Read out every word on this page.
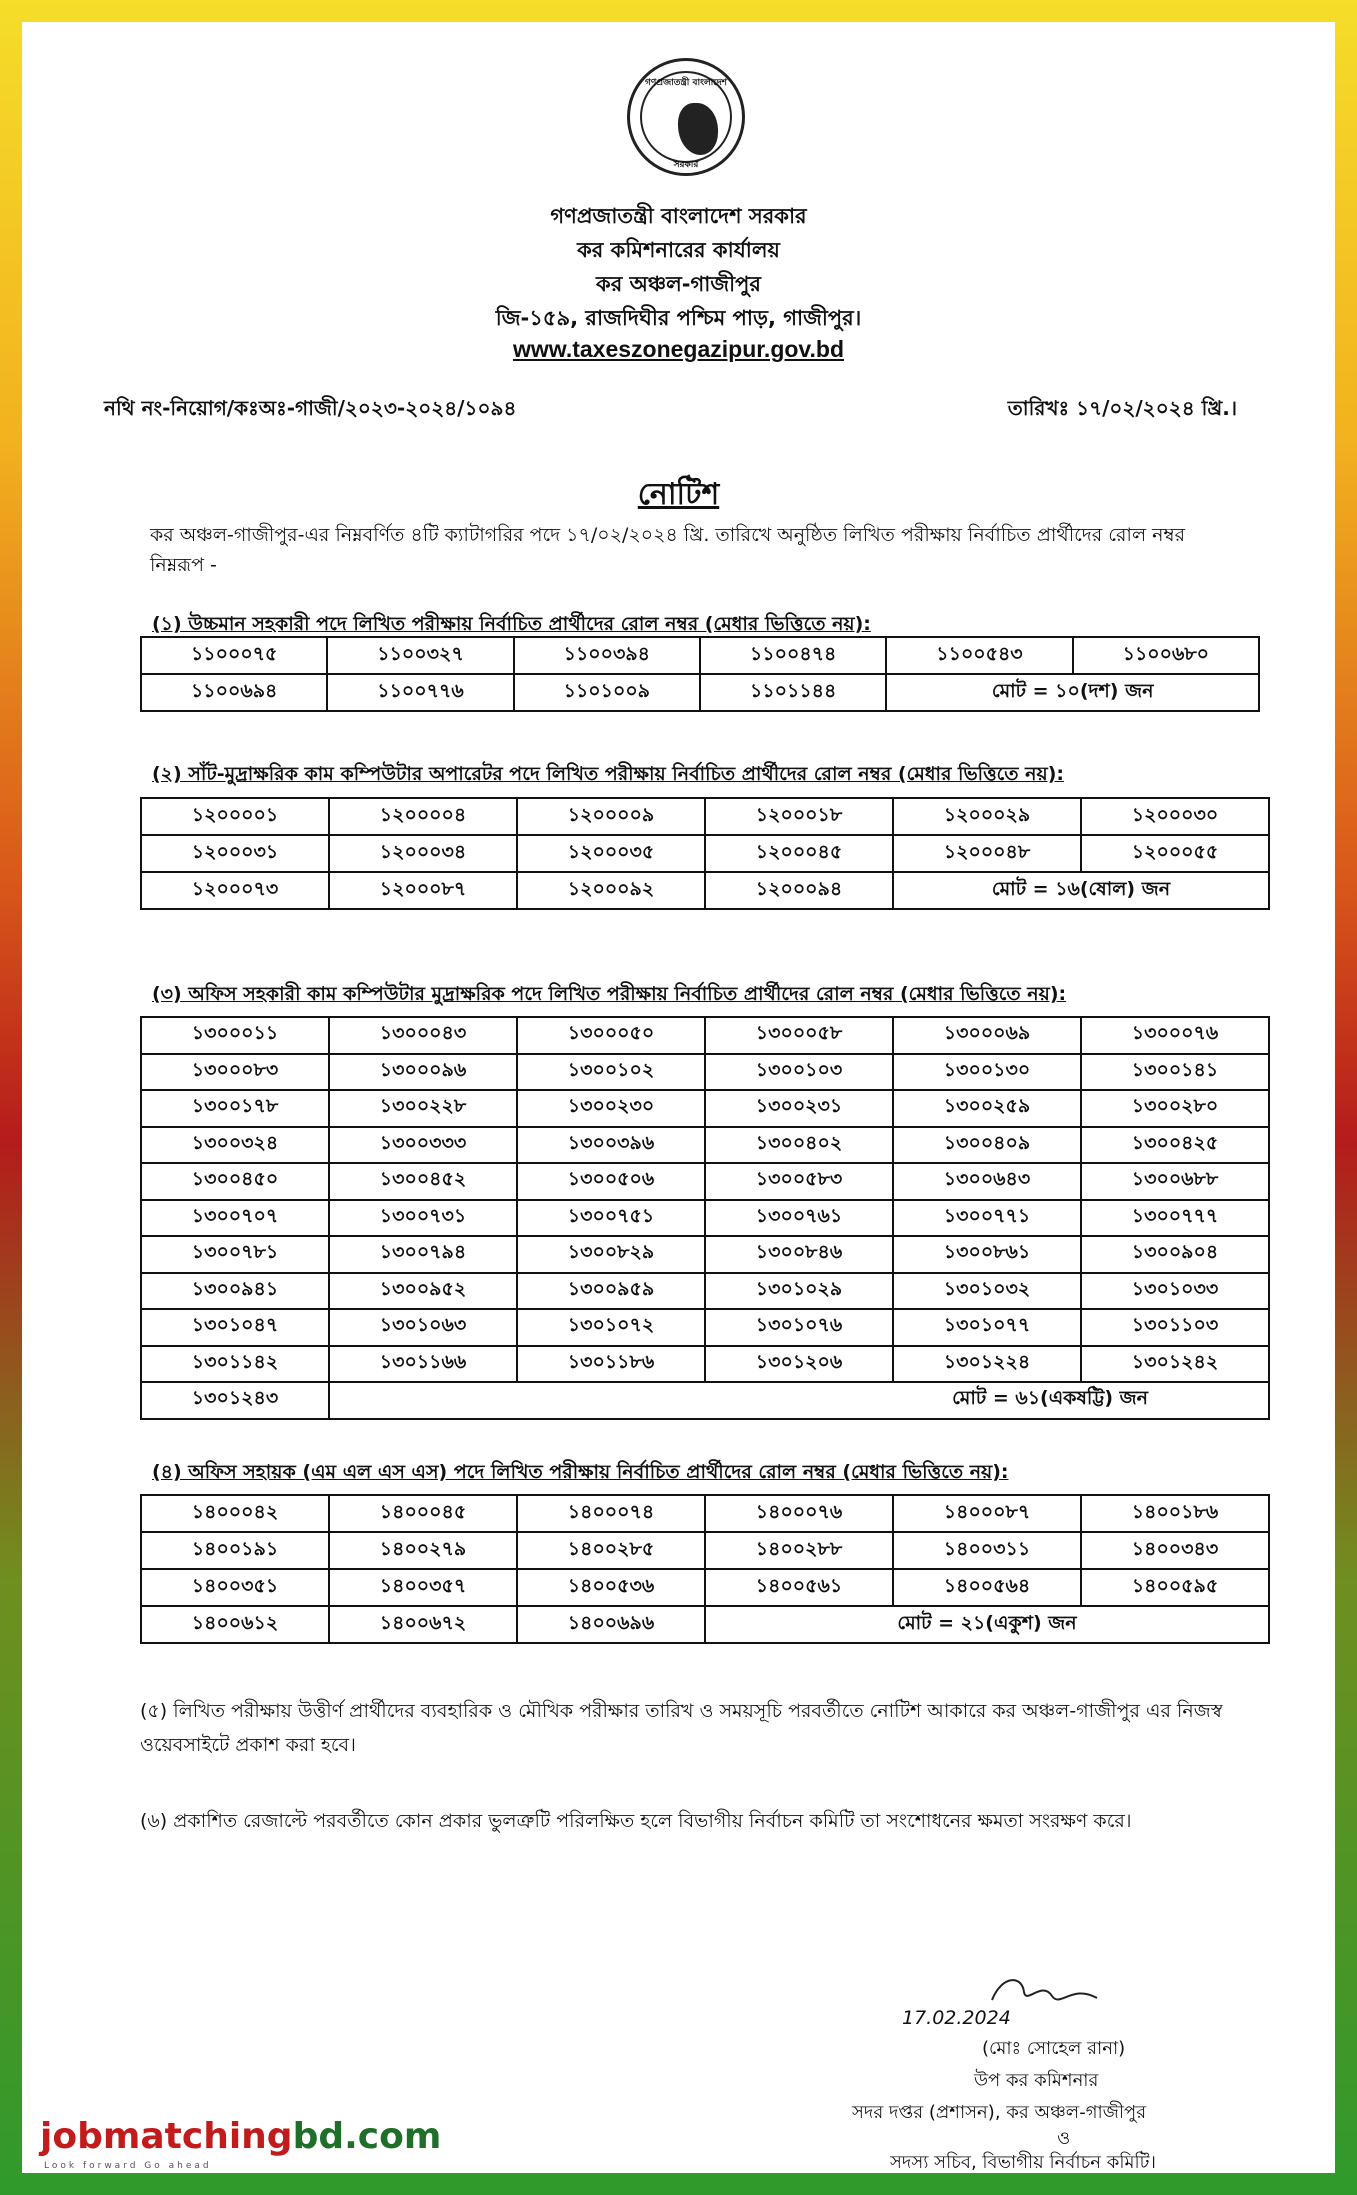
গণপ্রজাতন্ত্রী বাংলাদেশ
সরকার
গণপ্রজাতন্ত্রী বাংলাদেশ সরকার
কর কমিশনারের কার্যালয়
কর অঞ্চল-গাজীপুর
জি-১৫৯, রাজদিঘীর পশ্চিম পাড়, গাজীপুর।
www.taxeszonegazipur.gov.bd
নথি নং-নিয়োগ/কঃঅঃ-গাজী/২০২৩-২০২৪/১০৯৪	তারিখঃ ১৭/০২/২০২৪ খ্রি.।
নোটিশ
কর অঞ্চল-গাজীপুর-এর নিম্নবর্ণিত ৪টি ক্যাটাগরির পদে ১৭/০২/২০২৪ খ্রি. তারিখে অনুষ্ঠিত লিখিত পরীক্ষায় নির্বাচিত প্রার্থীদের রোল নম্বর নিম্নরূপ -
(১) উচ্চমান সহকারী পদে লিখিত পরীক্ষায় নির্বাচিত প্রার্থীদের রোল নম্বর (মেধার ভিত্তিতে নয়):
১১০০০৭৫	১১০০৩২৭	১১০০৩৯৪	১১০০৪৭৪	১১০০৫৪৩	১১০০৬৮০
১১০০৬৯৪	১১০০৭৭৬	১১০১০০৯	১১০১১৪৪	মোট = ১০(দশ) জন	
(২) সাঁট-মুদ্রাক্ষরিক কাম কম্পিউটার অপারেটর পদে লিখিত পরীক্ষায় নির্বাচিত প্রার্থীদের রোল নম্বর (মেধার ভিত্তিতে নয়):
১২০০০০১	১২০০০০৪	১২০০০০৯	১২০০০১৮	১২০০০২৯	১২০০০৩০
১২০০০৩১	১২০০০৩৪	১২০০০৩৫	১২০০০৪৫	১২০০০৪৮	১২০০০৫৫
১২০০০৭৩	১২০০০৮৭	১২০০০৯২	১২০০০৯৪	মোট = ১৬(ষোল) জন	
(৩) অফিস সহকারী কাম কম্পিউটার মুদ্রাক্ষরিক পদে লিখিত পরীক্ষায় নির্বাচিত প্রার্থীদের রোল নম্বর (মেধার ভিত্তিতে নয়):
১৩০০০১১	১৩০০০৪৩	১৩০০০৫০	১৩০০০৫৮	১৩০০০৬৯	১৩০০০৭৬
১৩০০০৮৩	১৩০০০৯৬	১৩০০১০২	১৩০০১০৩	১৩০০১৩০	১৩০০১৪১
১৩০০১৭৮	১৩০০২২৮	১৩০০২৩০	১৩০০২৩১	১৩০০২৫৯	১৩০০২৮০
১৩০০৩২৪	১৩০০৩৩৩	১৩০০৩৯৬	১৩০০৪০২	১৩০০৪০৯	১৩০০৪২৫
১৩০০৪৫০	১৩০০৪৫২	১৩০০৫০৬	১৩০০৫৮৩	১৩০০৬৪৩	১৩০০৬৮৮
১৩০০৭০৭	১৩০০৭৩১	১৩০০৭৫১	১৩০০৭৬১	১৩০০৭৭১	১৩০০৭৭৭
১৩০০৭৮১	১৩০০৭৯৪	১৩০০৮২৯	১৩০০৮৪৬	১৩০০৮৬১	১৩০০৯০৪
১৩০০৯৪১	১৩০০৯৫২	১৩০০৯৫৯	১৩০১০২৯	১৩০১০৩২	১৩০১০৩৩
১৩০১০৪৭	১৩০১০৬৩	১৩০১০৭২	১৩০১০৭৬	১৩০১০৭৭	১৩০১১০৩
১৩০১১৪২	১৩০১১৬৬	১৩০১১৮৬	১৩০১২০৬	১৩০১২২৪	১৩০১২৪২
১৩০১২৪৩	মোট = ৬১(একষট্টি) জন				
(৪) অফিস সহায়ক (এম এল এস এস) পদে লিখিত পরীক্ষায় নির্বাচিত প্রার্থীদের রোল নম্বর (মেধার ভিত্তিতে নয়):
১৪০০০৪২	১৪০০০৪৫	১৪০০০৭৪	১৪০০০৭৬	১৪০০০৮৭	১৪০০১৮৬
১৪০০১৯১	১৪০০২৭৯	১৪০০২৮৫	১৪০০২৮৮	১৪০০৩১১	১৪০০৩৪৩
১৪০০৩৫১	১৪০০৩৫৭	১৪০০৫৩৬	১৪০০৫৬১	১৪০০৫৬৪	১৪০০৫৯৫
১৪০০৬১২	১৪০০৬৭২	১৪০০৬৯৬	মোট = ২১(একুশ) জন		
(৫) লিখিত পরীক্ষায় উত্তীর্ণ প্রার্থীদের ব্যবহারিক ও মৌখিক পরীক্ষার তারিখ ও সময়সূচি পরবর্তীতে নোটিশ আকারে কর অঞ্চল-গাজীপুর এর নিজস্ব ওয়েবসাইটে প্রকাশ করা হবে।
(৬) প্রকাশিত রেজাল্টে পরবর্তীতে কোন প্রকার ভুলত্রুটি পরিলক্ষিত হলে বিভাগীয় নির্বাচন কমিটি তা সংশোধনের ক্ষমতা সংরক্ষণ করে।
17.02.2024
(মোঃ সোহেল রানা)
উপ কর কমিশনার
সদর দপ্তর (প্রশাসন), কর অঞ্চল-গাজীপুর
ও
সদস্য সচিব, বিভাগীয় নির্বাচন কমিটি।
jobmatchingbd.com
Look forward Go ahead
